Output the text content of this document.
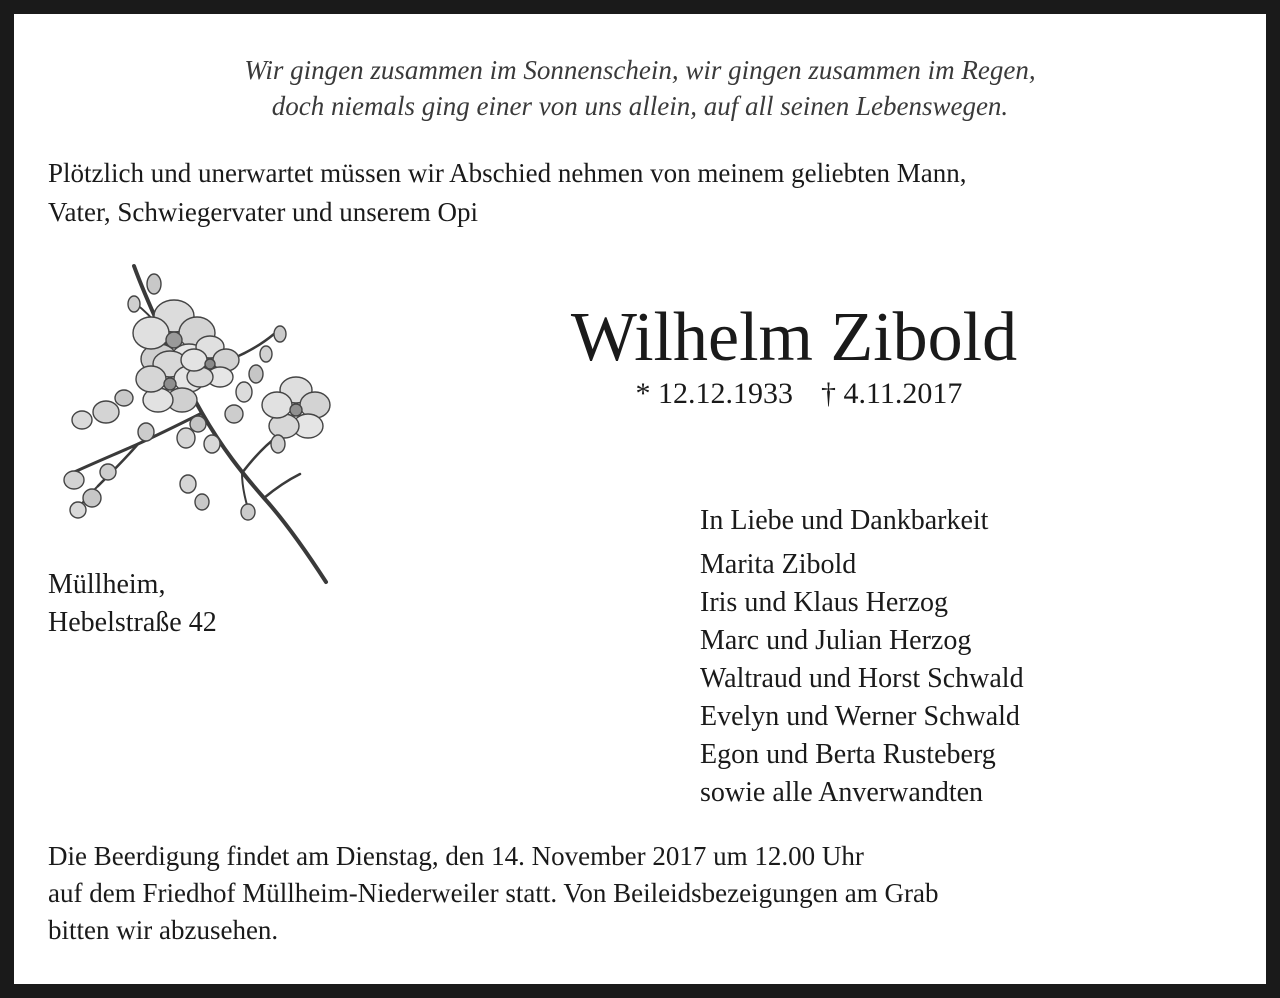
Wir gingen zusammen im Sonnenschein, wir gingen zusammen im Regen,
doch niemals ging einer von uns allein, auf all seinen Lebenswegen.
Plötzlich und unerwartet müssen wir Abschied nehmen von meinem geliebten Mann,
Vater, Schwiegervater und unserem Opi
Wilhelm Zibold
* 12.12.1933 † 4.11.2017
Müllheim,
Hebelstraße 42
In Liebe und Dankbarkeit
Marita Zibold
Iris und Klaus Herzog
Marc und Julian Herzog
Waltraud und Horst Schwald
Evelyn und Werner Schwald
Egon und Berta Rusteberg
sowie alle Anverwandten
Die Beerdigung findet am Dienstag, den 14. November 2017 um 12.00 Uhr
auf dem Friedhof Müllheim-Niederweiler statt. Von Beileidsbezeigungen am Grab
bitten wir abzusehen.
